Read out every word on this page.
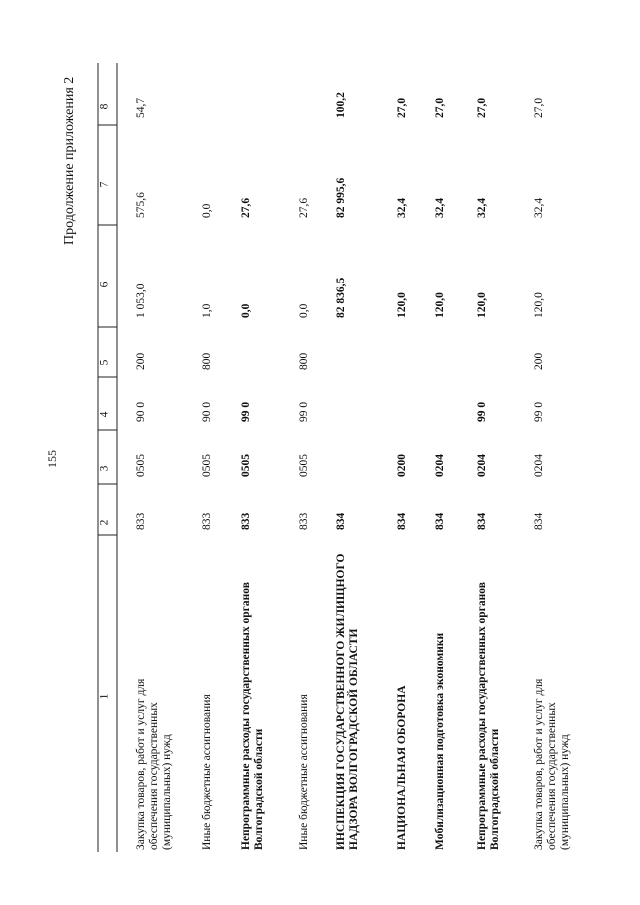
155
Продолжение приложения 2
1
2
3
4
5
6
7
8
Закупка товаров, работ и услуг для обеспечения государственных (муниципальных) нужд
833
0505
90 0
200
1 053,0
575,6
54,7
Иные бюджетные ассигнования
833
0505
90 0
800
1,0
0,0
Непрограммные расходы государственных органов Волгоградской области
833
0505
99 0
0,0
27,6
Иные бюджетные ассигнования
833
0505
99 0
800
0,0
27,6
ИНСПЕКЦИЯ ГОСУДАРСТВЕННОГО ЖИЛИЩНОГО НАДЗОРА ВОЛГОГРАДСКОЙ ОБЛАСТИ
834
82 836,5
82 995,6
100,2
НАЦИОНАЛЬНАЯ ОБОРОНА
834
0200
120,0
32,4
27,0
Мобилизационная подготовка экономики
834
0204
120,0
32,4
27,0
Непрограммные расходы государственных органов Волгоградской области
834
0204
99 0
120,0
32,4
27,0
Закупка товаров, работ и услуг для обеспечения государственных (муниципальных) нужд
834
0204
99 0
200
120,0
32,4
27,0
